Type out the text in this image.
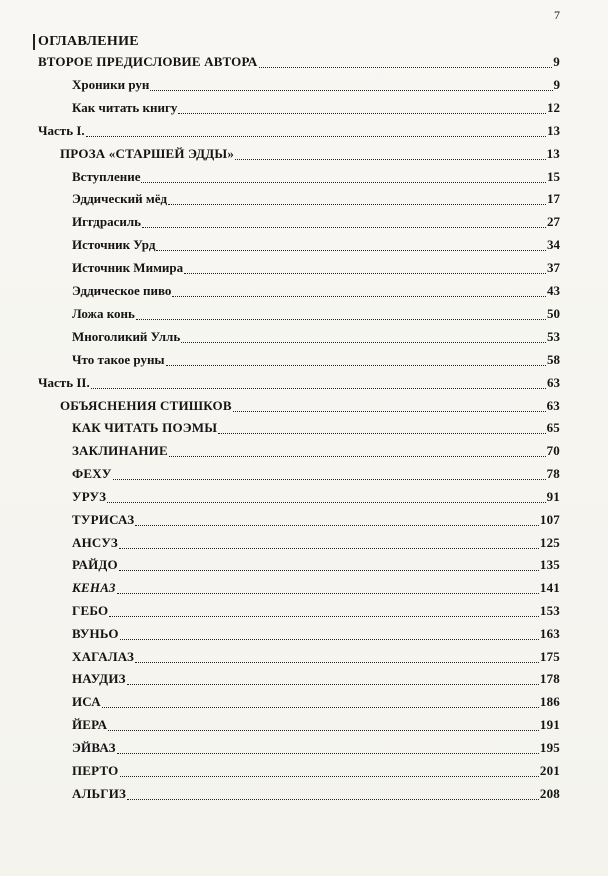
7
ОГЛАВЛЕНИЕ
ВТОРОЕ ПРЕДИСЛОВИЕ АВТОРА	9
Хроники рун	9
Как читать книгу	12
Часть I.	13
ПРОЗА «СТАРШЕЙ ЭДДЫ»	13
Вступление	15
Эддический мёд	17
Иггдрасиль	27
Источник Урд	34
Источник Мимира	37
Эддическое пиво	43
Ложа конь	50
Многоликий Улль	53
Что такое руны	58
Часть II.	63
ОБЪЯСНЕНИЯ СТИШКОВ	63
КАК ЧИТАТЬ ПОЭМЫ	65
ЗАКЛИНАНИЕ	70
ФЕХУ	78
УРУЗ	91
ТУРИСАЗ	107
АНСУЗ	125
РАЙДО	135
КЕНАЗ	141
ГЕБО	153
ВУНЬО	163
ХАГАЛАЗ	175
НАУДИЗ	178
ИСА	186
ЙЕРА	191
ЭЙВАЗ	195
ПЕРТО	201
АЛЬГИЗ	208
